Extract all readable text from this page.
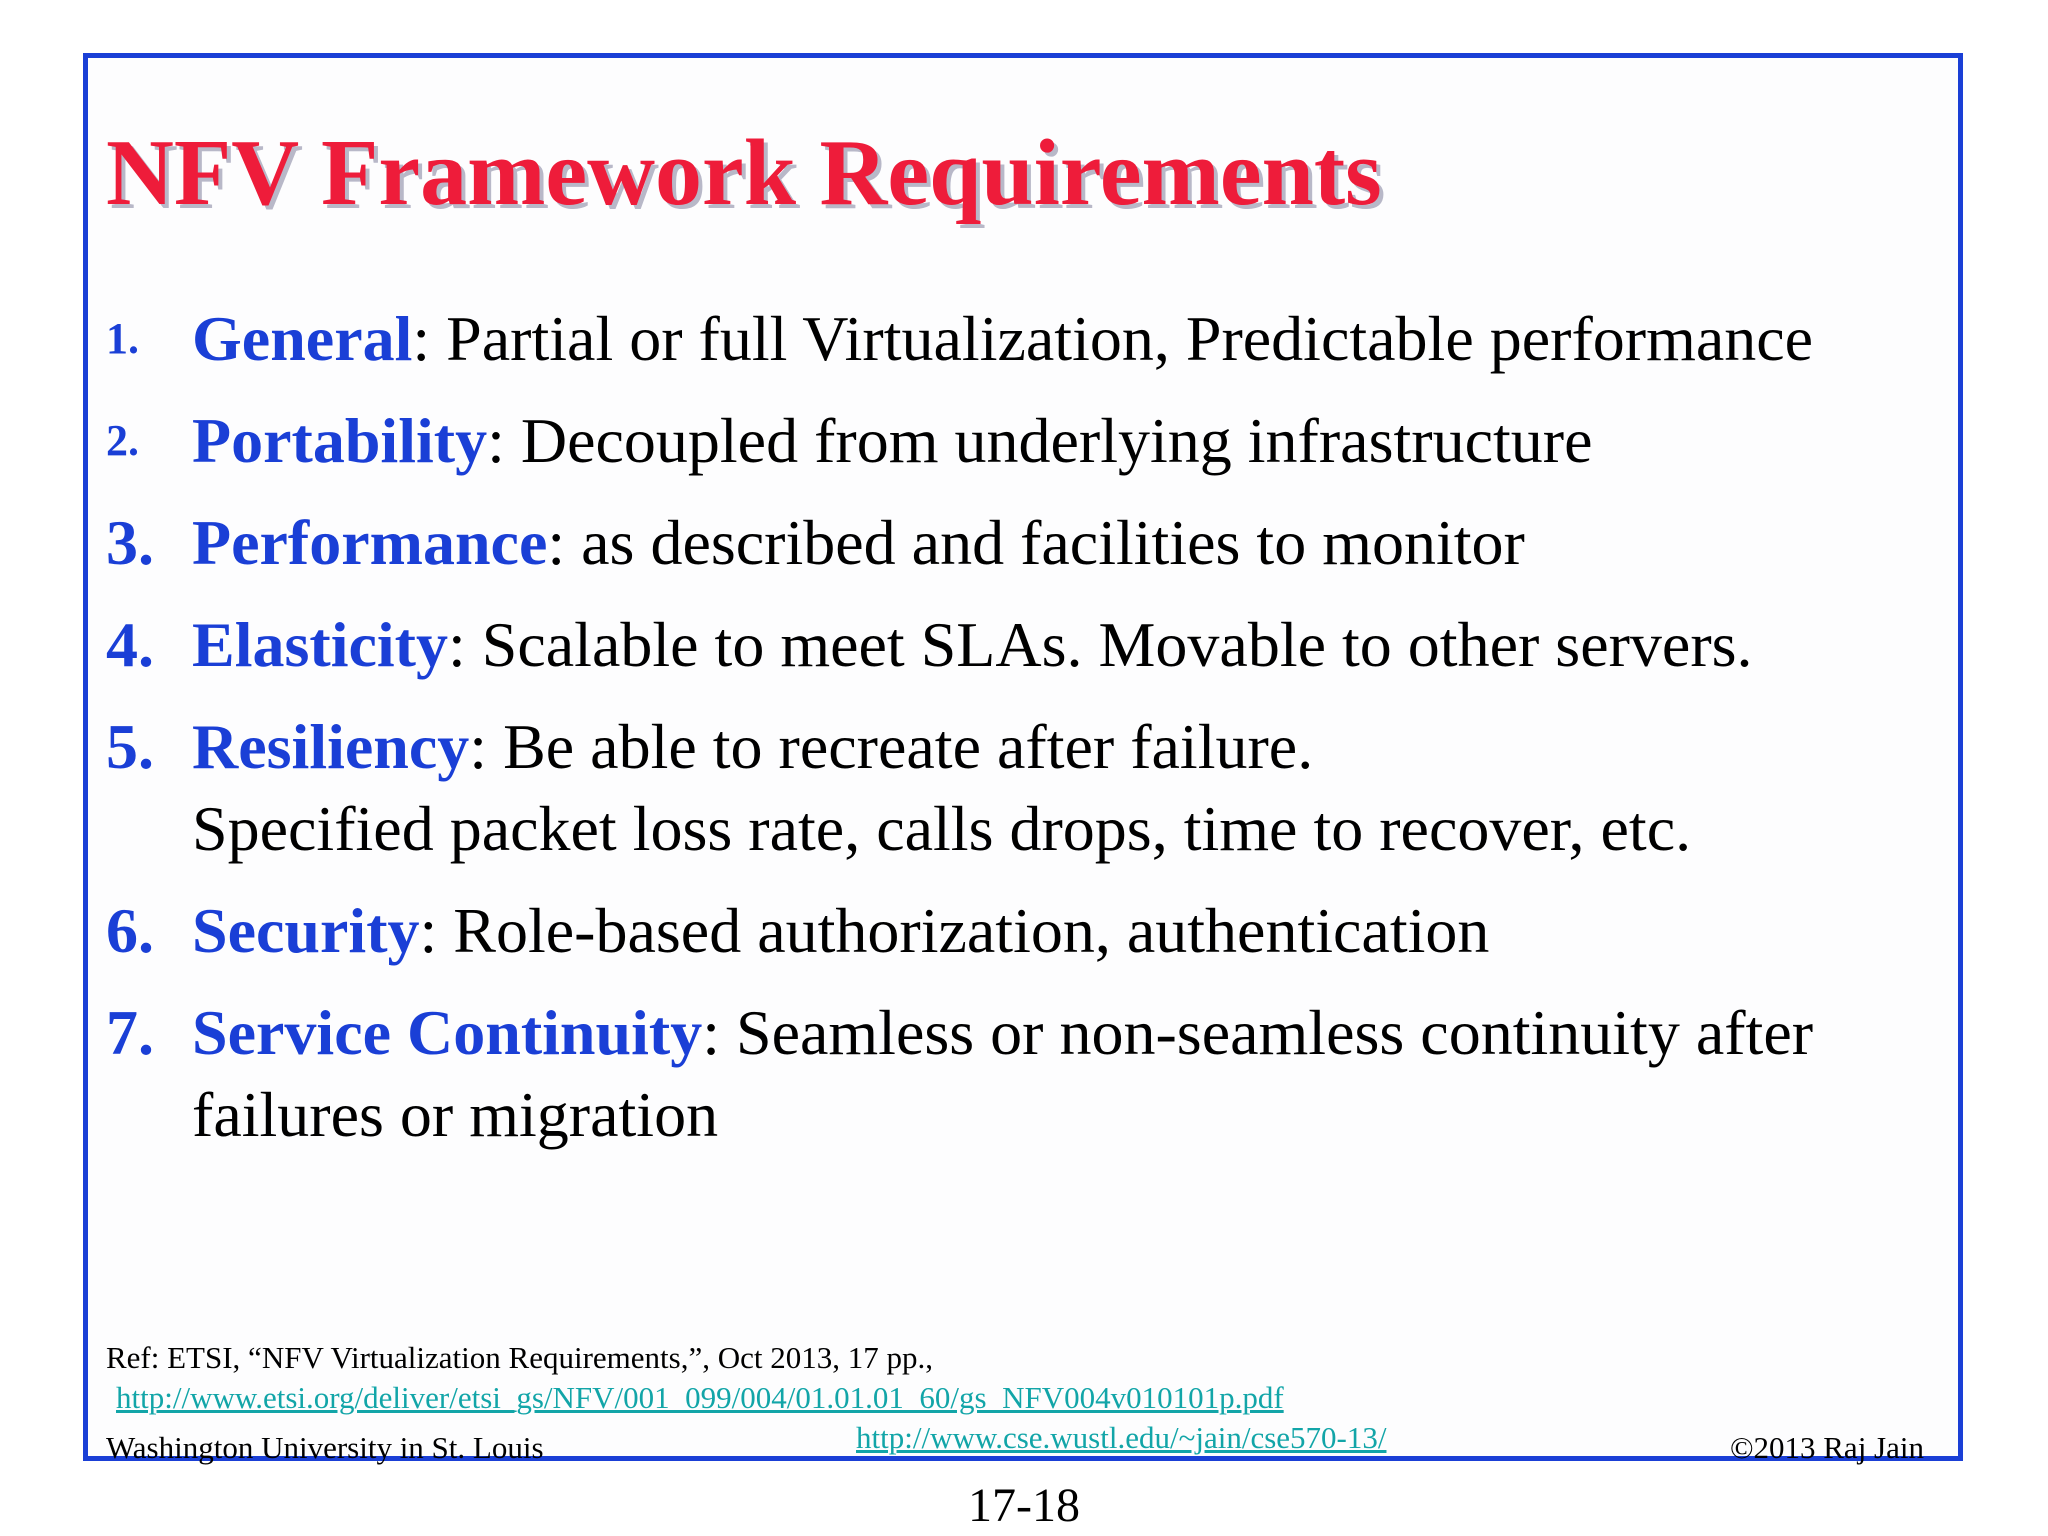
NFV Framework Requirements
1. General: Partial or full Virtualization, Predictable performance
2. Portability: Decoupled from underlying infrastructure
3. Performance: as described and facilities to monitor
4. Elasticity: Scalable to meet SLAs. Movable to other servers.
5. Resiliency: Be able to recreate after failure.
Specified packet loss rate, calls drops, time to recover, etc.
6. Security: Role-based authorization, authentication
7. Service Continuity: Seamless or non-seamless continuity after
failures or migration
Ref: ETSI, “NFV Virtualization Requirements,”, Oct 2013, 17 pp.,
http://www.etsi.org/deliver/etsi_gs/NFV/001_099/004/01.01.01_60/gs_NFV004v010101p.pdf
Washington University in St. Louis	http://www.cse.wustl.edu/~jain/cse570-13/	©2013 Raj Jain
17-18
